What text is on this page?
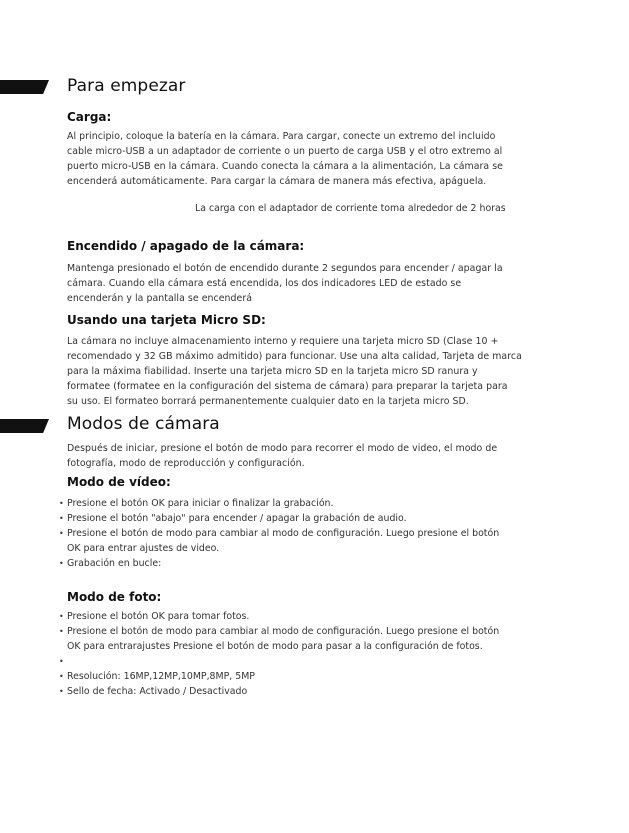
Para empezar
Carga:
Al principio, coloque la batería en la cámara. Para cargar, conecte un extremo del incluido
cable micro-USB a un adaptador de corriente o un puerto de carga USB y el otro extremo al
puerto micro-USB en la cámara. Cuando conecta la cámara a la alimentación, La cámara se
encenderá automáticamente. Para cargar la cámara de manera más efectiva, apáguela.
La carga con el adaptador de corriente toma alrededor de 2 horas
Encendido / apagado de la cámara:
Mantenga presionado el botón de encendido durante 2 segundos para encender / apagar la
cámara. Cuando ella cámara está encendida, los dos indicadores LED de estado se
encenderán y la pantalla se encenderá
Usando una tarjeta Micro SD:
La cámara no incluye almacenamiento interno y requiere una tarjeta micro SD (Clase 10 +
recomendado y 32 GB máximo admitido) para funcionar. Use una alta calidad, Tarjeta de marca
para la máxima fiabilidad. Inserte una tarjeta micro SD en la tarjeta micro SD ranura y
formatee (formatee en la configuración del sistema de cámara) para preparar la tarjeta para
su uso. El formateo borrará permanentemente cualquier dato en la tarjeta micro SD.
Modos de cámara
Después de iniciar, presione el botón de modo para recorrer el modo de video, el modo de
fotografía, modo de reproducción y configuración.
Modo de vídeo:
• Presione el botón OK para iniciar o finalizar la grabación.
• Presione el botón "abajo" para encender / apagar la grabación de audio.
• Presione el botón de modo para cambiar al modo de configuración. Luego presione el botón
OK para entrar ajustes de video.
• Grabación en bucle:
Modo de foto:
• Presione el botón OK para tomar fotos.
• Presione el botón de modo para cambiar al modo de configuración. Luego presione el botón
OK para entrarajustes Presione el botón de modo para pasar a la configuración de fotos.
•
• Resolución: 16MP,12MP,10MP,8MP, 5MP
• Sello de fecha: Activado / Desactivado
